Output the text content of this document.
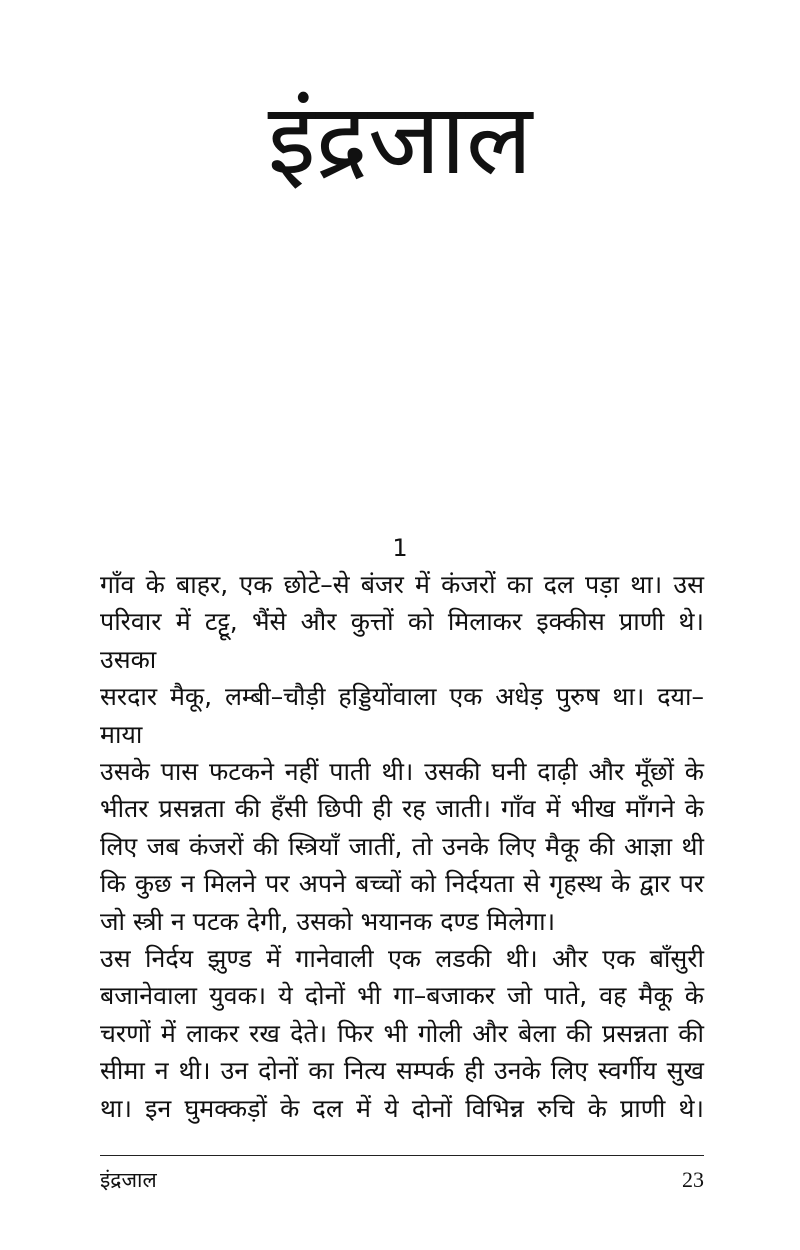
इंद्रजाल
1

गाँव के बाहर, एक छोटे–से बंजर में कंजरों का दल पड़ा था। उस

परिवार में टट्टू, भैंसे और कुत्तों को मिलाकर इक्कीस प्राणी थे। उसका

सरदार मैकू, लम्बी–चौड़ी हड्डियोंवाला एक अधेड़ पुरुष था। दया–माया

उसके पास फटकने नहीं पाती थी। उसकी घनी दाढ़ी और मूँछों के

भीतर प्रसन्नता की हँसी छिपी ही रह जाती। गाँव में भीख माँगने के

लिए जब कंजरों की स्त्रियाँ जातीं, तो उनके लिए मैकू की आज्ञा थी

कि कुछ न मिलने पर अपने बच्चों को निर्दयता से गृहस्थ के द्वार पर

जो स्त्री न पटक देगी, उसको भयानक दण्ड मिलेगा।

उस निर्दय झुण्ड में गानेवाली एक लडकी थी। और एक बाँसुरी

बजानेवाला युवक। ये दोनों भी गा–बजाकर जो पाते, वह मैकू के

चरणों में लाकर रख देते। फिर भी गोली और बेला की प्रसन्नता की

सीमा न थी। उन दोनों का नित्य सम्पर्क ही उनके लिए स्वर्गीय सुख

था। इन घुमक्कड़ों के दल में ये दोनों विभिन्न रुचि के प्राणी थे।

इंद्रजाल	23
